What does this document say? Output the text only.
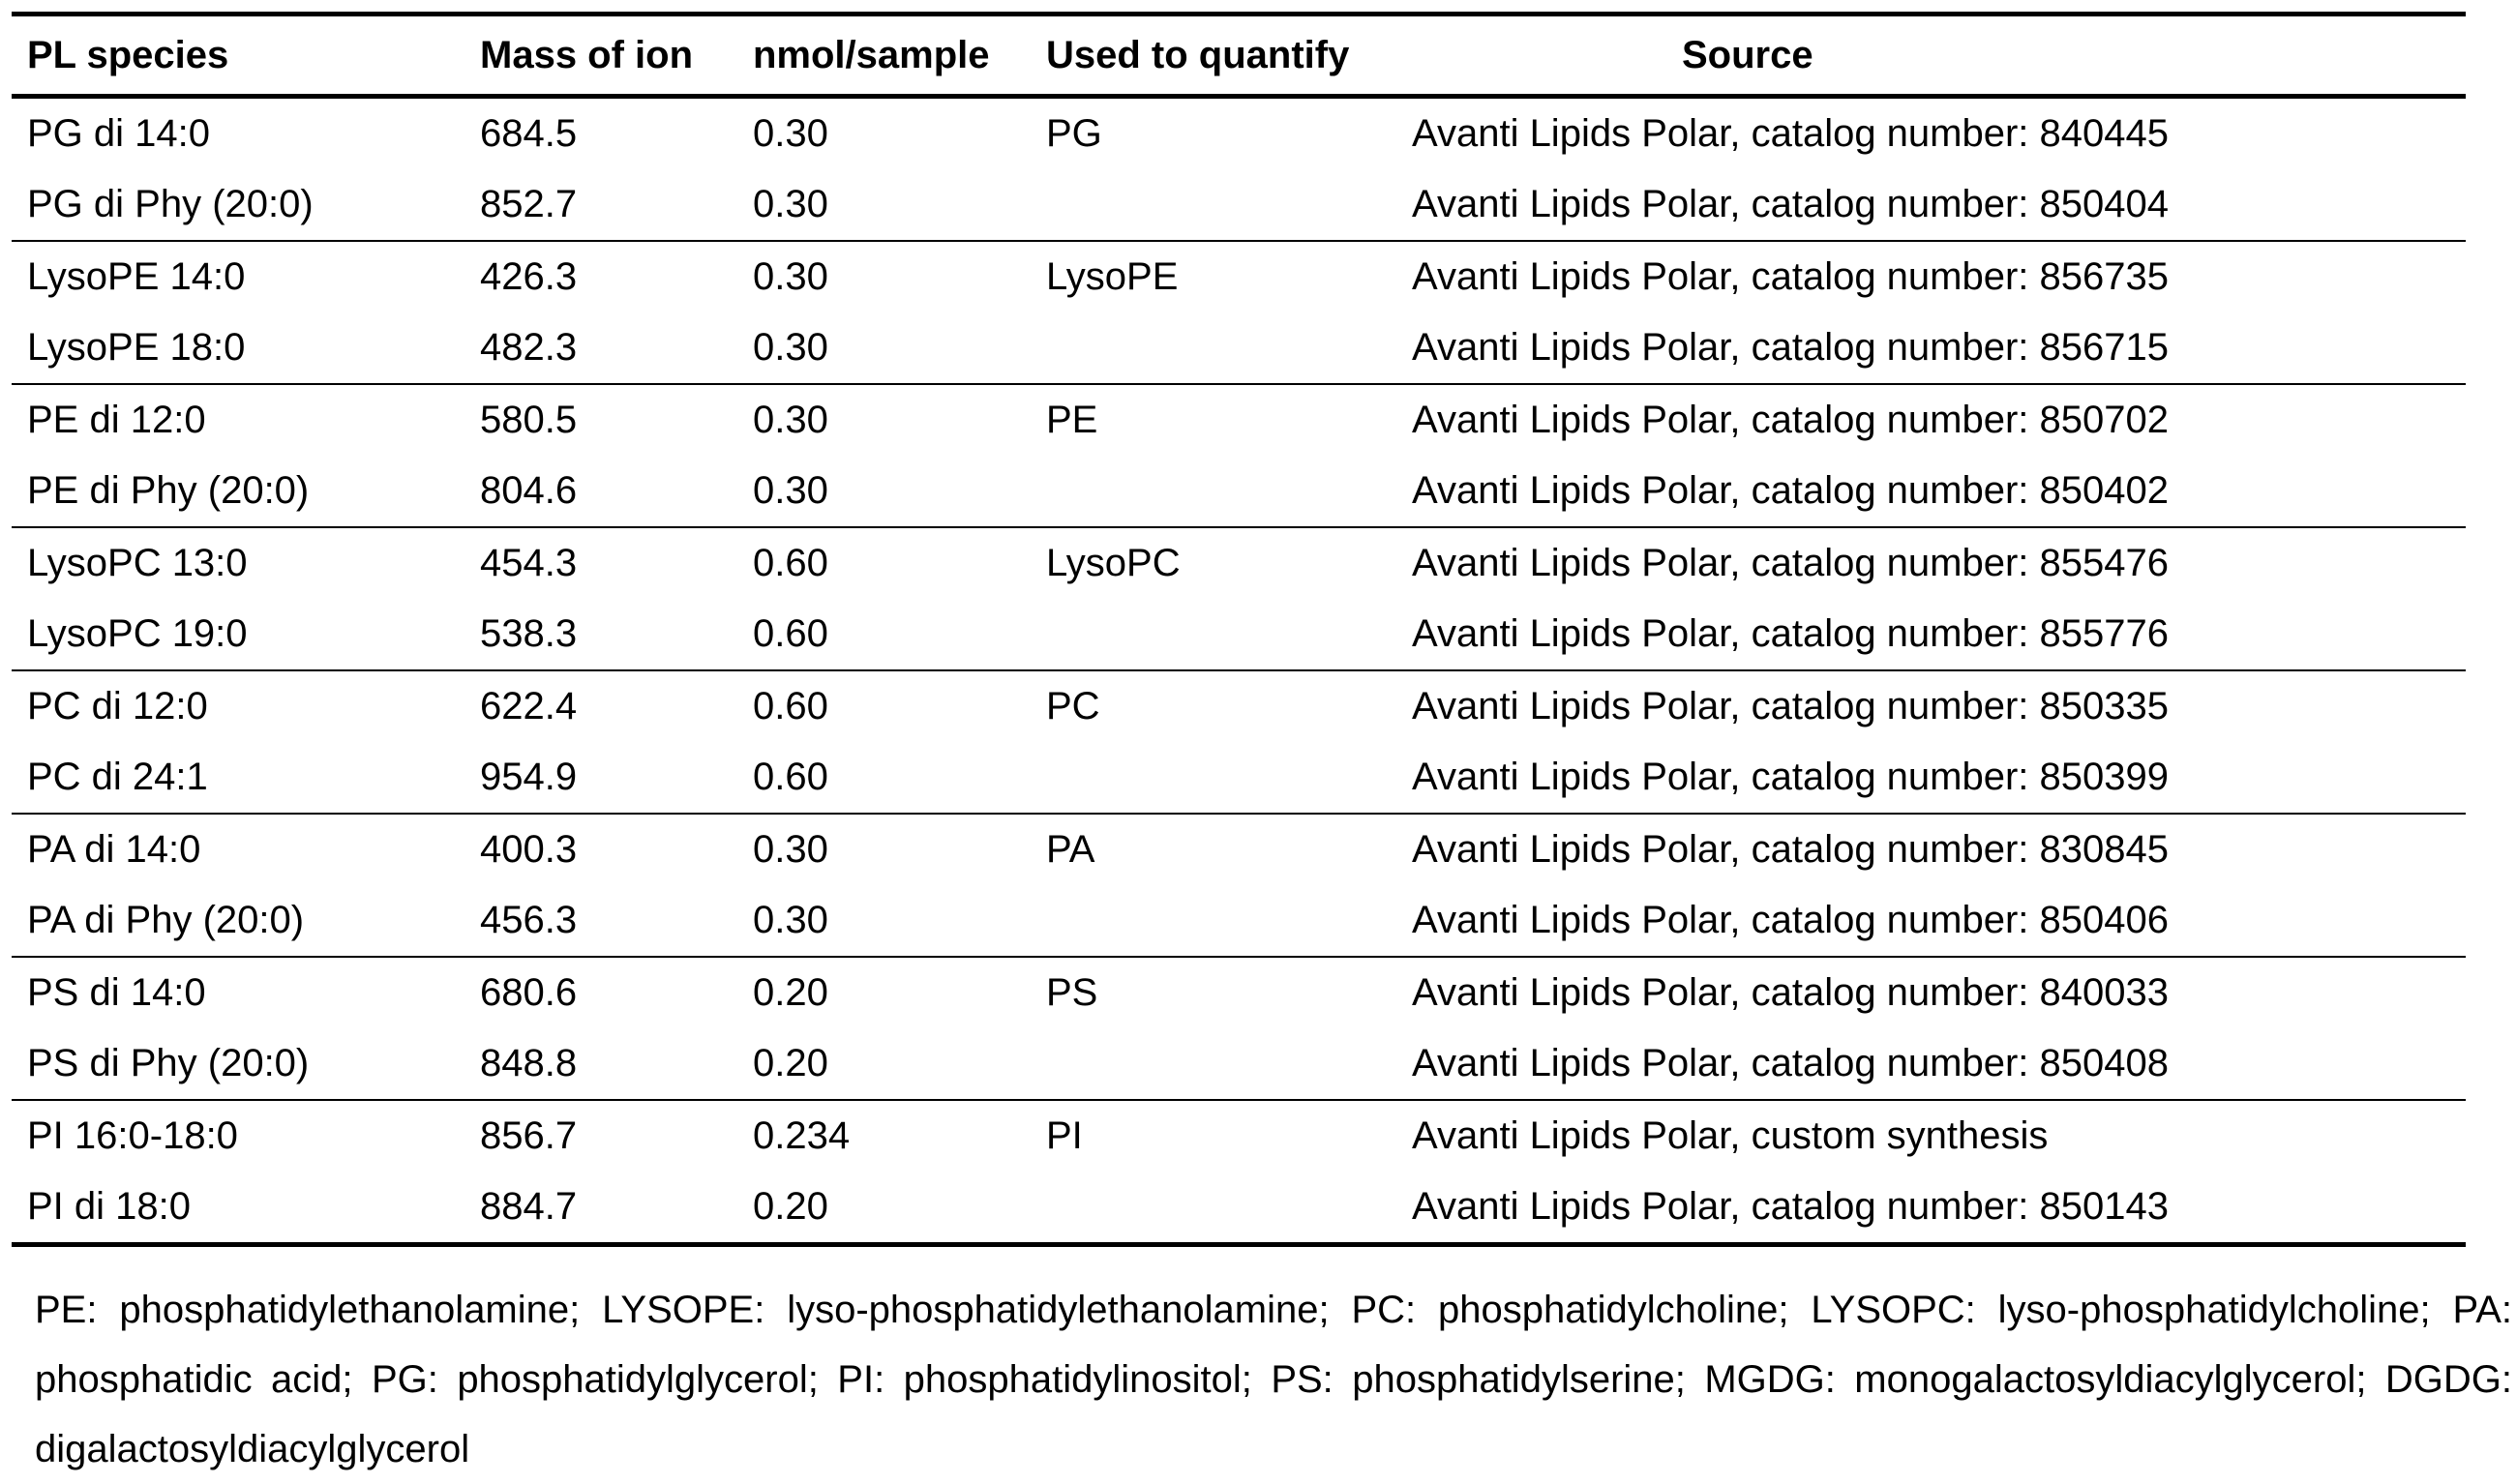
PL species	Mass of ion	nmol/sample	Used to quantify	Source
PG di 14:0	684.5	0.30	PG	Avanti Lipids Polar, catalog number: 840445
PG di Phy (20:0)	852.7	0.30		Avanti Lipids Polar, catalog number: 850404
LysoPE 14:0	426.3	0.30	LysoPE	Avanti Lipids Polar, catalog number: 856735
LysoPE 18:0	482.3	0.30		Avanti Lipids Polar, catalog number: 856715
PE di 12:0	580.5	0.30	PE	Avanti Lipids Polar, catalog number: 850702
PE di Phy (20:0)	804.6	0.30		Avanti Lipids Polar, catalog number: 850402
LysoPC 13:0	454.3	0.60	LysoPC	Avanti Lipids Polar, catalog number: 855476
LysoPC 19:0	538.3	0.60		Avanti Lipids Polar, catalog number: 855776
PC di 12:0	622.4	0.60	PC	Avanti Lipids Polar, catalog number: 850335
PC di 24:1	954.9	0.60		Avanti Lipids Polar, catalog number: 850399
PA di 14:0	400.3	0.30	PA	Avanti Lipids Polar, catalog number: 830845
PA di Phy (20:0)	456.3	0.30		Avanti Lipids Polar, catalog number: 850406
PS di 14:0	680.6	0.20	PS	Avanti Lipids Polar, catalog number: 840033
PS di Phy (20:0)	848.8	0.20		Avanti Lipids Polar, catalog number: 850408
PI 16:0-18:0	856.7	0.234	PI	Avanti Lipids Polar, custom synthesis
PI di 18:0	884.7	0.20		Avanti Lipids Polar, catalog number: 850143

PE: phosphatidylethanolamine; LYSOPE: lyso-phosphatidylethanolamine; PC: phosphatidylcholine; LYSOPC: lyso-phosphatidylcholine; PA: phosphatidic acid; PG: phosphatidylglycerol; PI: phosphatidylinositol; PS: phosphatidylserine; MGDG: monogalactosyldiacylglycerol; DGDG: digalactosyldiacylglycerol
